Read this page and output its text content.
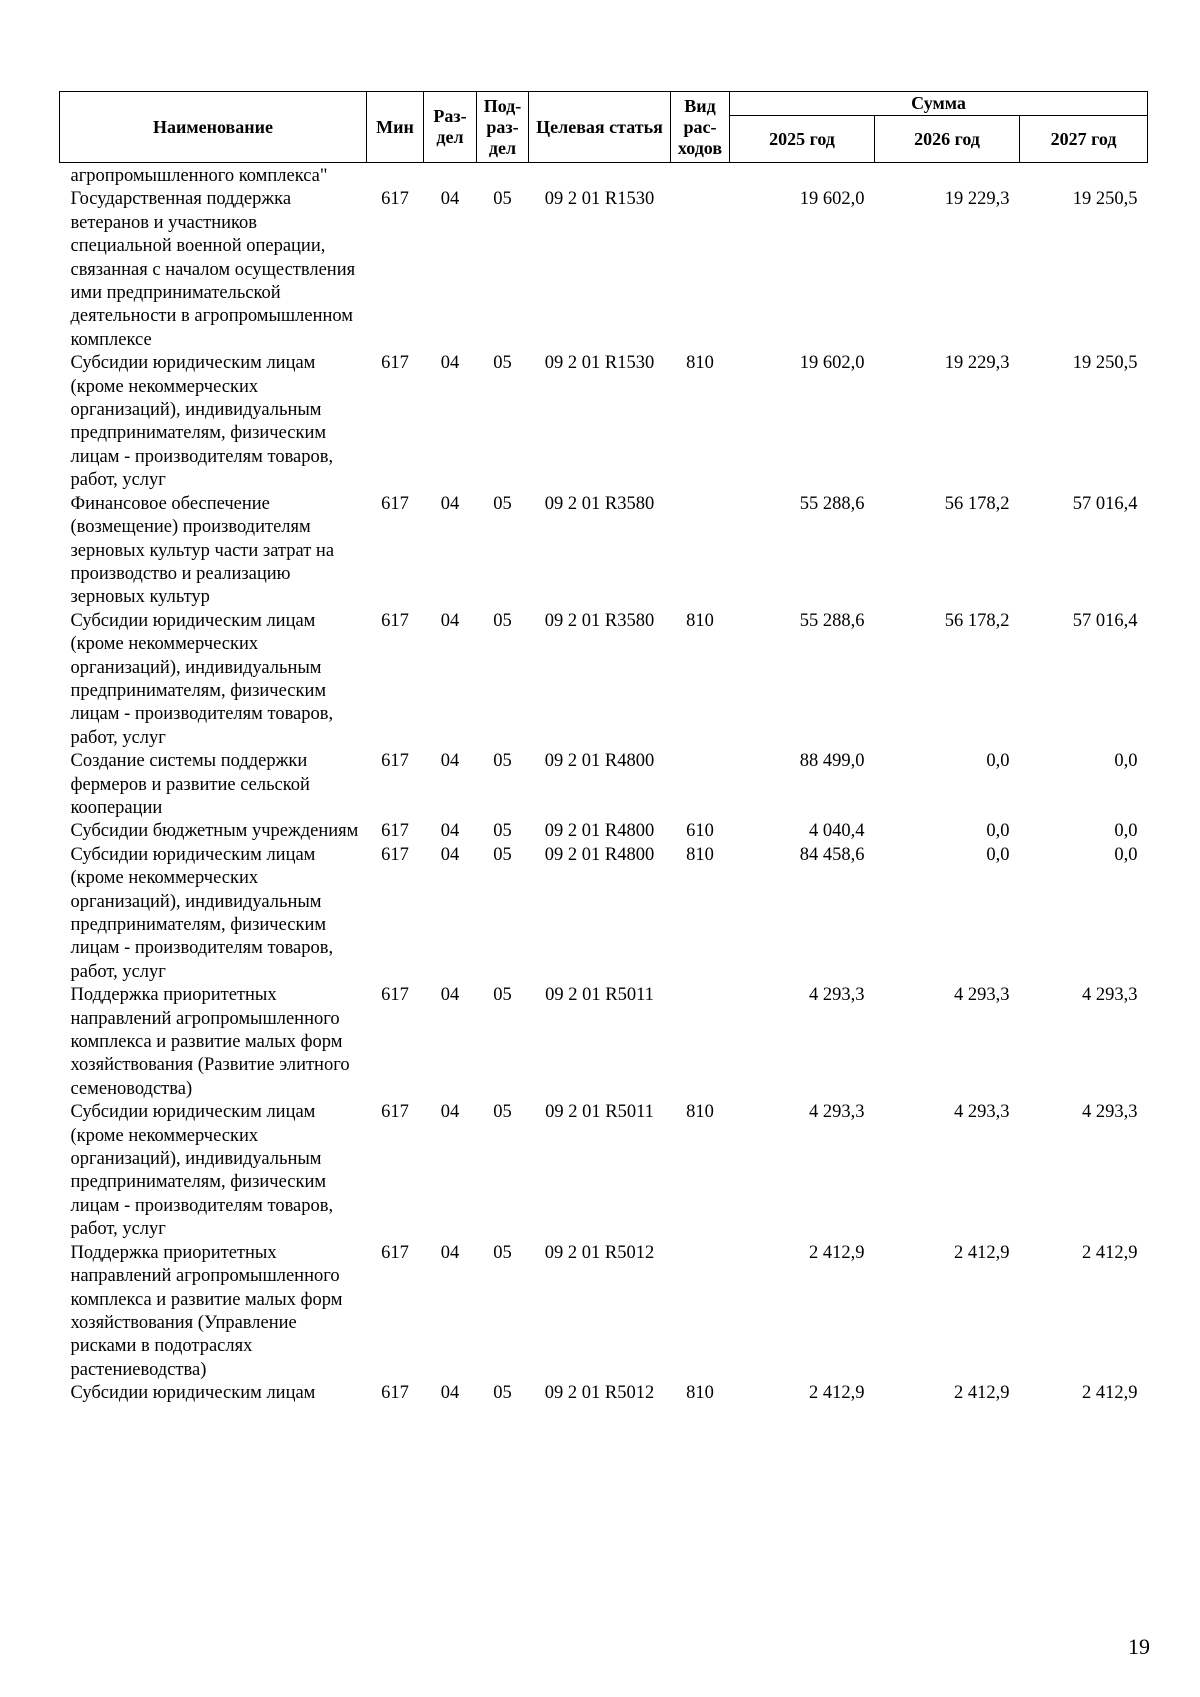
Наименование	Мин	Раз-дел	Под-раз-дел	Целевая статья	Вид рас-ходов	Сумма		
						2025 год	2026 год	2027 год
агропромышленного комплекса"								
Государственная поддержка ветеранов и участников специальной военной операции, связанная с началом осуществления ими предпринимательской деятельности в агропромышленном комплексе	617	04	05	09 2 01 R1530		19 602,0	19 229,3	19 250,5
Субсидии юридическим лицам (кроме некоммерческих организаций), индивидуальным предпринимателям, физическим лицам - производителям товаров, работ, услуг	617	04	05	09 2 01 R1530	810	19 602,0	19 229,3	19 250,5
Финансовое обеспечение (возмещение) производителям зерновых культур части затрат на производство и реализацию зерновых культур	617	04	05	09 2 01 R3580		55 288,6	56 178,2	57 016,4
Субсидии юридическим лицам (кроме некоммерческих организаций), индивидуальным предпринимателям, физическим лицам - производителям товаров, работ, услуг	617	04	05	09 2 01 R3580	810	55 288,6	56 178,2	57 016,4
Создание системы поддержки фермеров и развитие сельской кооперации	617	04	05	09 2 01 R4800		88 499,0	0,0	0,0
Субсидии бюджетным учреждениям	617	04	05	09 2 01 R4800	610	4 040,4	0,0	0,0
Субсидии юридическим лицам (кроме некоммерческих организаций), индивидуальным предпринимателям, физическим лицам - производителям товаров, работ, услуг	617	04	05	09 2 01 R4800	810	84 458,6	0,0	0,0
Поддержка приоритетных направлений агропромышленного комплекса и развитие малых форм хозяйствования (Развитие элитного семеноводства)	617	04	05	09 2 01 R5011		4 293,3	4 293,3	4 293,3
Субсидии юридическим лицам (кроме некоммерческих организаций), индивидуальным предпринимателям, физическим лицам - производителям товаров, работ, услуг	617	04	05	09 2 01 R5011	810	4 293,3	4 293,3	4 293,3
Поддержка приоритетных направлений агропромышленного комплекса и развитие малых форм хозяйствования (Управление рисками в подотраслях растениеводства)	617	04	05	09 2 01 R5012		2 412,9	2 412,9	2 412,9
Субсидии юридическим лицам	617	04	05	09 2 01 R5012	810	2 412,9	2 412,9	2 412,9
19
